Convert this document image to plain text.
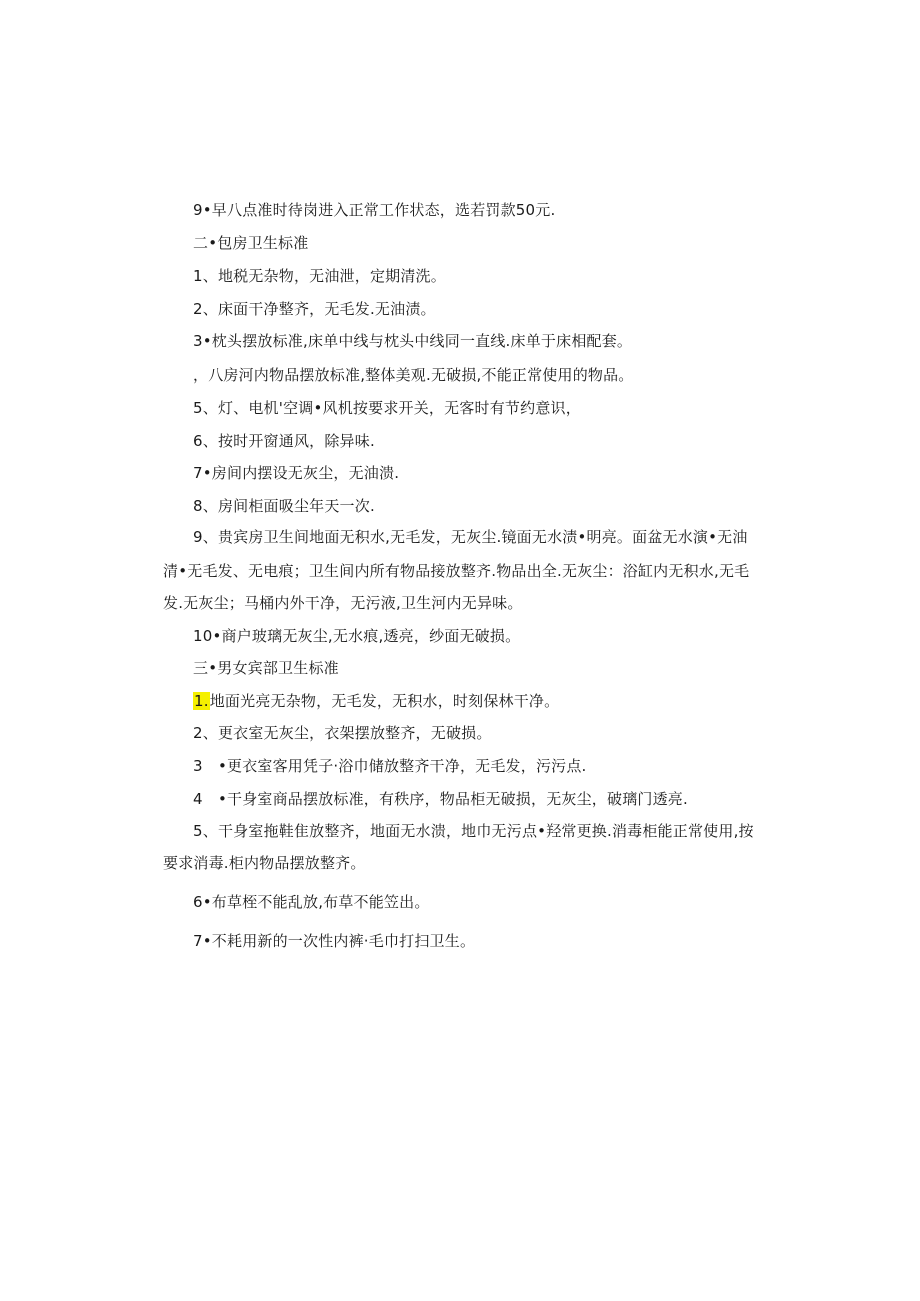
9•早八点准时待岗进入正常工作状态，选若罚款50元.
二•包房卫生标准
1、地税无杂物，无油泄，定期清洗。
2、床面干净整齐，无毛发.无油渍。
3•枕头摆放标准,床单中线与枕头中线同一直线.床单于床相配套。
，八房河内物品摆放标准,整体美观.无破损,不能正常使用的物品。
5、灯、电机'空调•风机按要求开关，无客时有节约意识，
6、按时开窗通风，除异味.
7•房间内摆设无灰尘，无油溃.
8、房间柜面吸尘年天一次.
9、贵宾房卫生间地面无积水,无毛发，无灰尘.镜面无水渍•明亮。面盆无水演•无油
清•无毛发、无电痕；卫生间内所有物品接放整齐.物品出全.无灰尘：浴缸内无积水,无毛
发.无灰尘；马桶内外干净，无污液,卫生河内无异味。
10•商户玻璃无灰尘,无水痕,透亮，纱面无破损。
三•男女宾部卫生标准
1.地面光亮无杂物，无毛发，无积水，时刻保林干净。
2、更衣室无灰尘，衣架摆放整齐，无破损。
3　•更衣室客用凭子·浴巾储放整齐干净，无毛发，污污点.
4　•干身室商品摆放标准，有秩序，物品柜无破损，无灰尘，破璃门透亮.
5、干身室拖鞋隹放整齐，地面无水溃，地巾无污点•羟常更换.消毒柜能正常使用,按
要求消毒.柜内物品摆放整齐。
6•布草桎不能乱放,布草不能笠出。
7•不耗用新的一次性内裤·毛巾打扫卫生。
